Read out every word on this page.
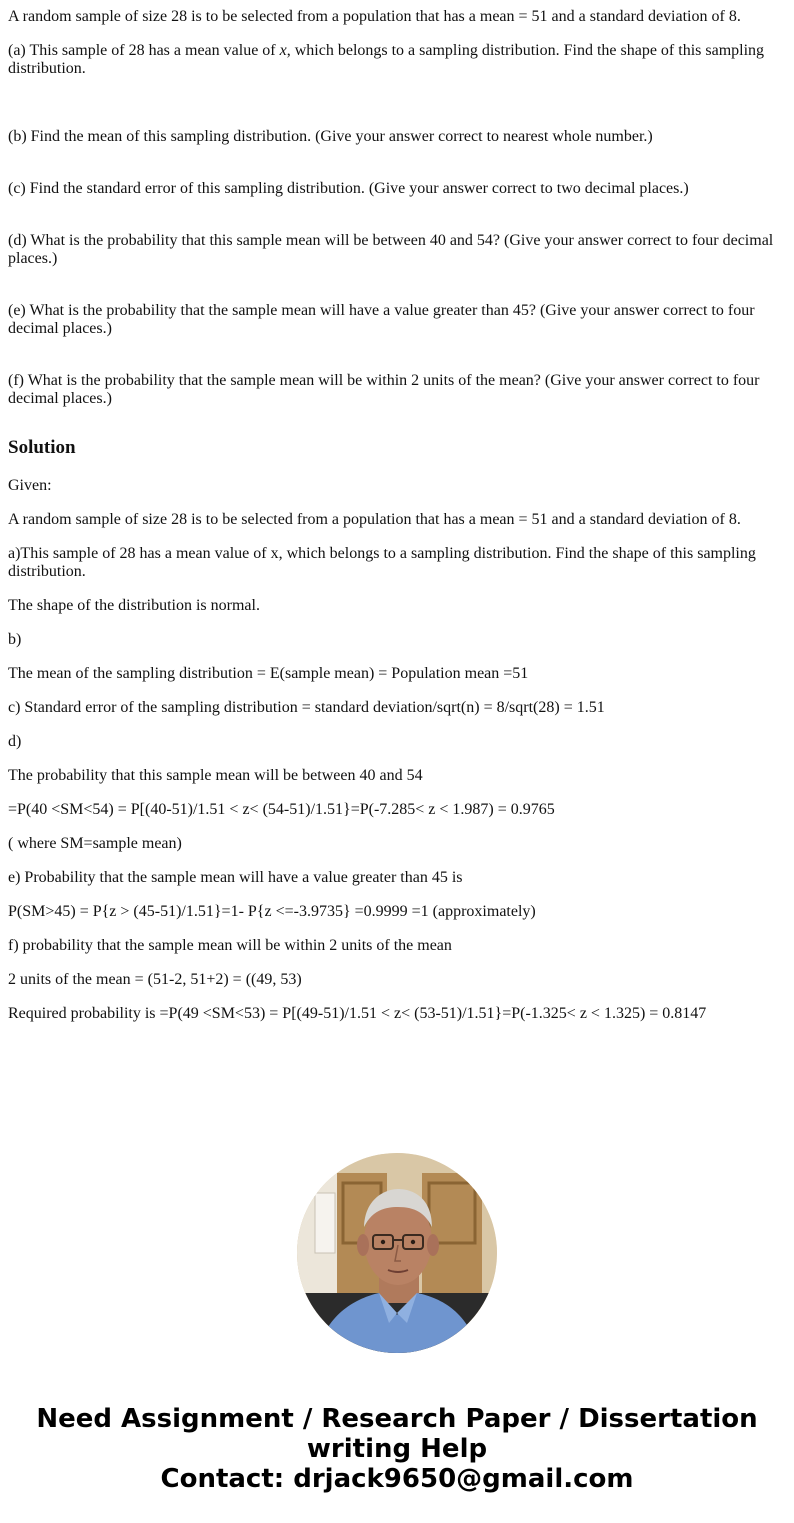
A random sample of size 28 is to be selected from a population that has a mean = 51 and a standard deviation of 8.

(a) This sample of 28 has a mean value of x, which belongs to a sampling distribution. Find the shape of this sampling distribution.

(b) Find the mean of this sampling distribution. (Give your answer correct to nearest whole number.)

(c) Find the standard error of this sampling distribution. (Give your answer correct to two decimal places.)

(d) What is the probability that this sample mean will be between 40 and 54? (Give your answer correct to four decimal places.)

(e) What is the probability that the sample mean will have a value greater than 45? (Give your answer correct to four decimal places.)

(f) What is the probability that the sample mean will be within 2 units of the mean? (Give your answer correct to four decimal places.)

Solution

Given:

A random sample of size 28 is to be selected from a population that has a mean = 51 and a standard deviation of 8.

a)This sample of 28 has a mean value of x, which belongs to a sampling distribution. Find the shape of this sampling distribution.

The shape of the distribution is normal.

b)

The mean of the sampling distribution = E(sample mean) = Population mean =51

c) Standard error of the sampling distribution = standard deviation/sqrt(n) = 8/sqrt(28) = 1.51

d)

The probability that this sample mean will be between 40 and 54

=P(40 <SM<54) = P[(40-51)/1.51 < z< (54-51)/1.51}=P(-7.285< z < 1.987) = 0.9765

( where SM=sample mean)

e) Probability that the sample mean will have a value greater than 45 is

P(SM>45) = P{z > (45-51)/1.51}=1- P{z <=-3.9735} =0.9999 =1 (approximately)

f) probability that the sample mean will be within 2 units of the mean

2 units of the mean = (51-2, 51+2) = ((49, 53)

Required probability is =P(49 <SM<53) = P[(49-51)/1.51 < z< (53-51)/1.51}=P(-1.325< z < 1.325) = 0.8147

Need Assignment / Research Paper / Dissertation
writing Help
Contact: drjack9650@gmail.com
